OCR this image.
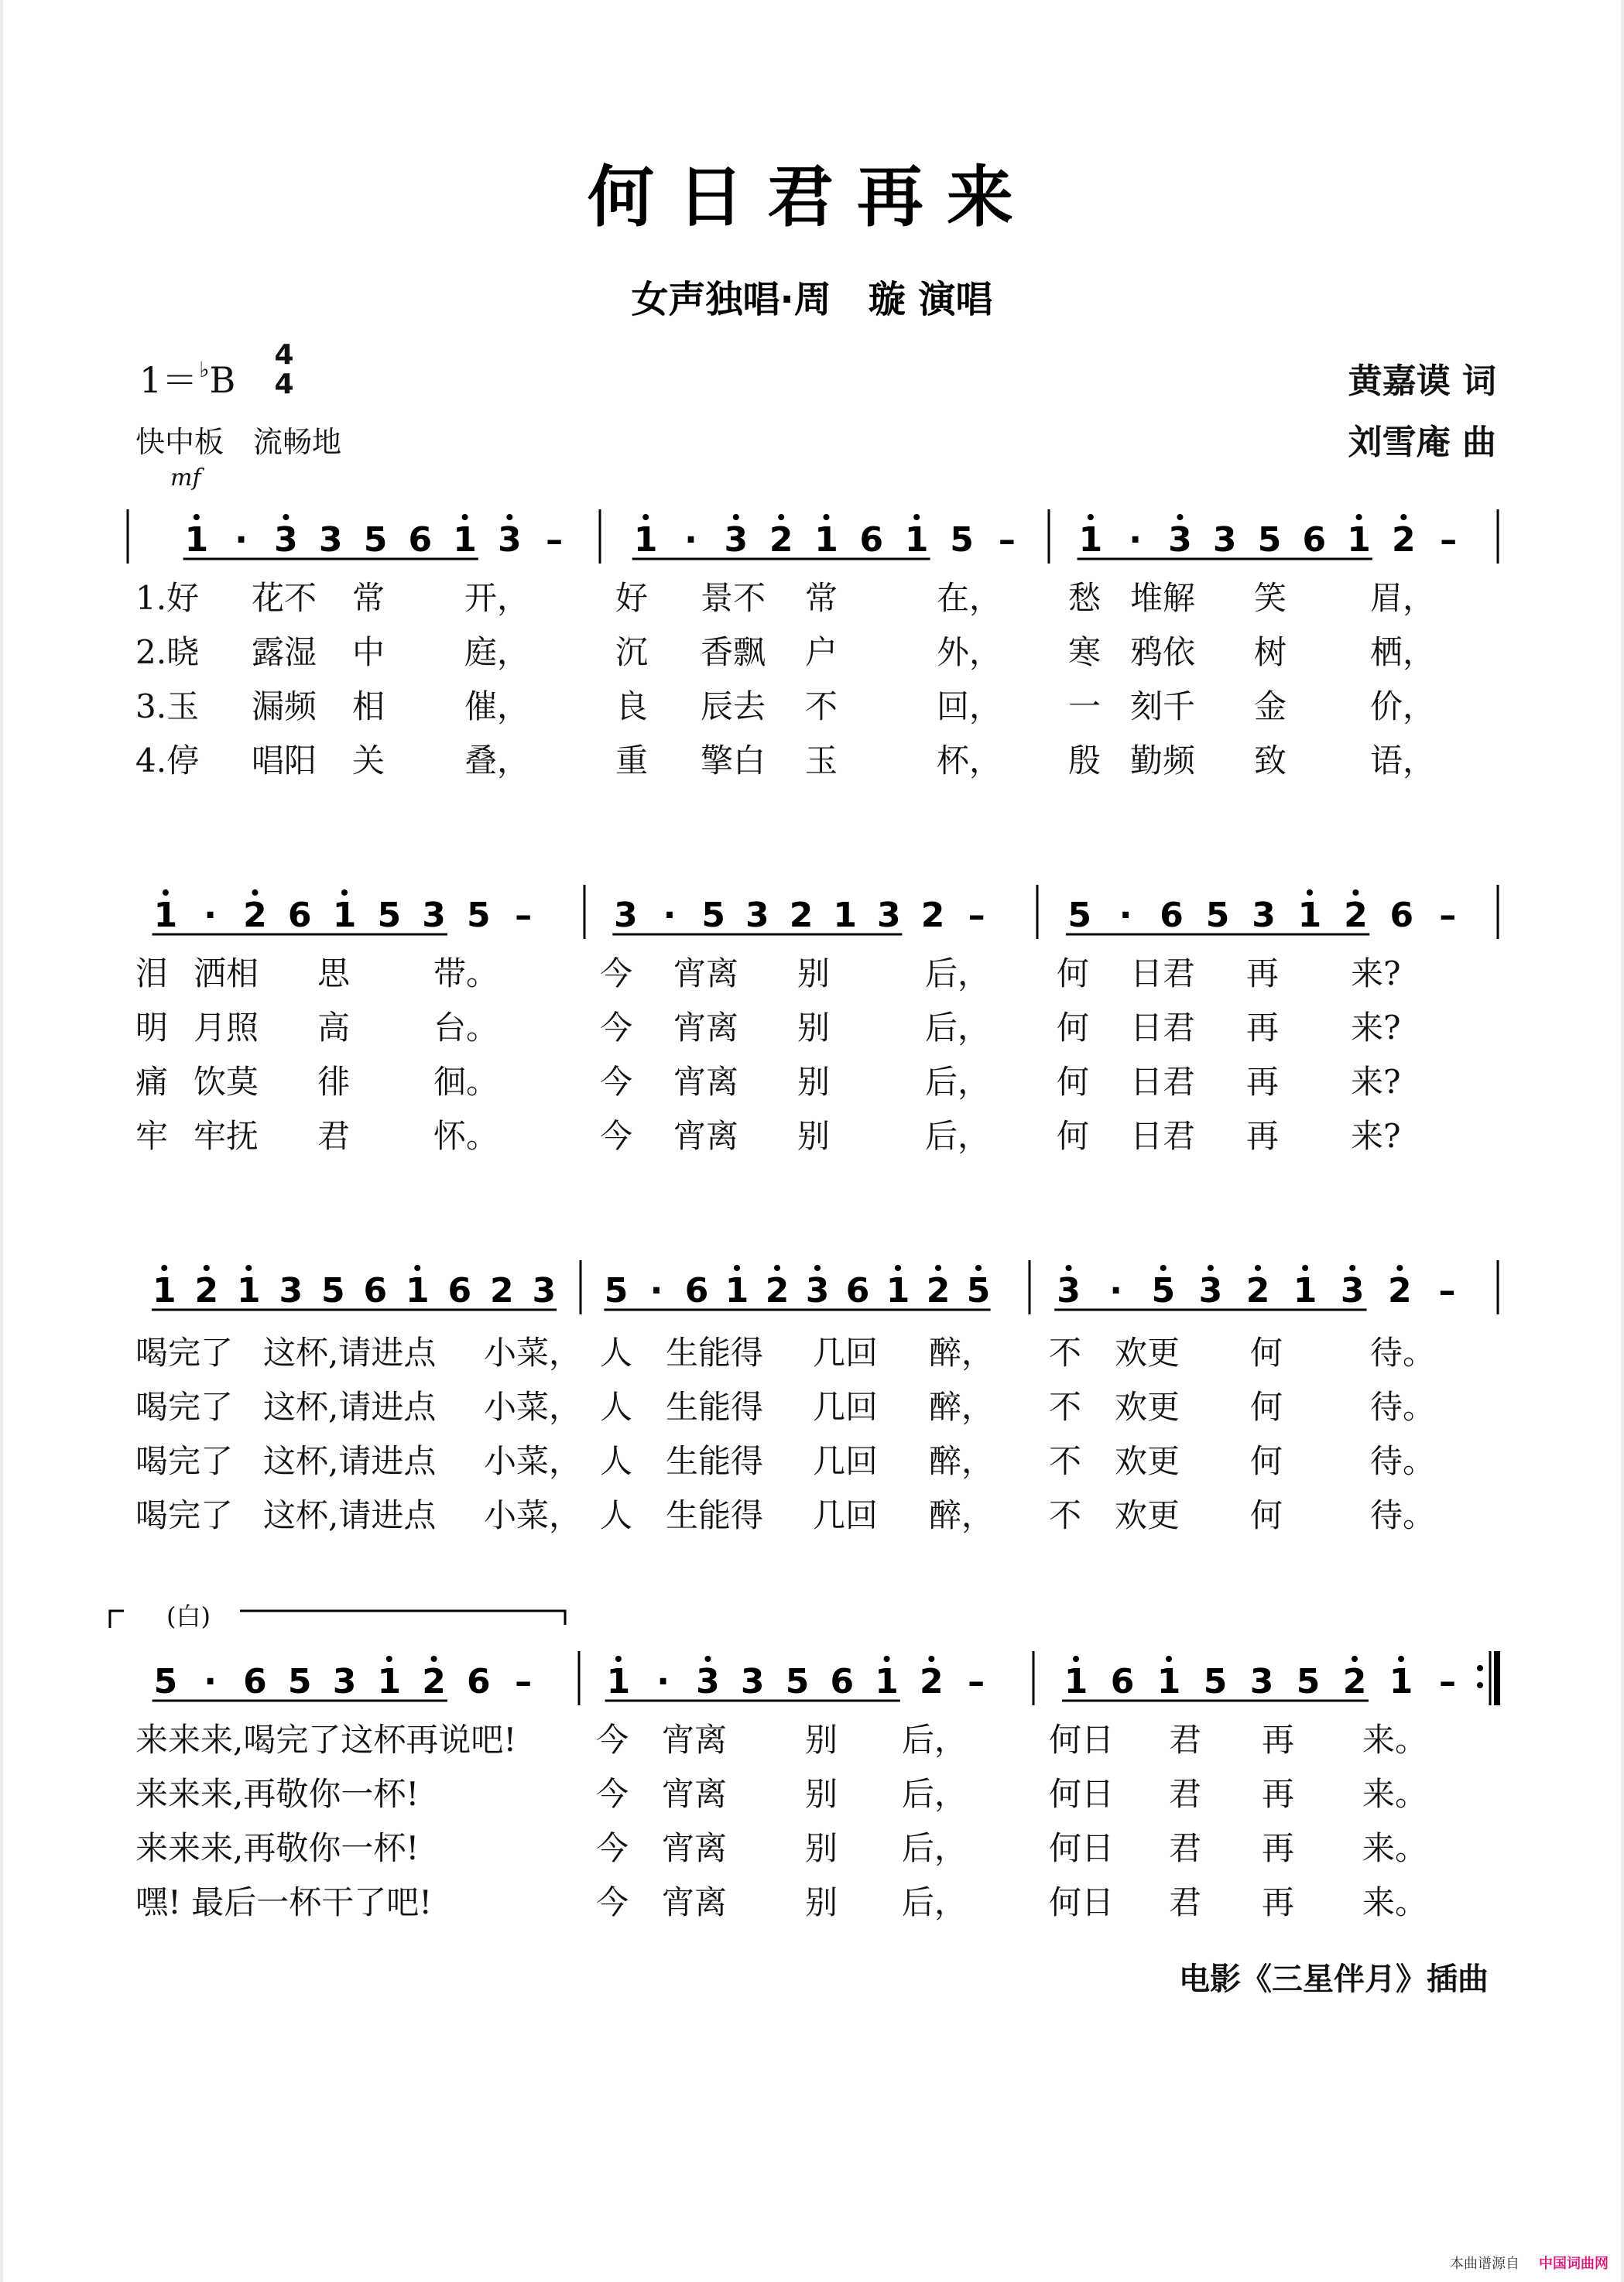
何日君再来
女声独唱·周　璇 演唱
1＝♭B
4
4
快中板　流畅地
黄嘉谟 词
刘雪庵 曲
mf
1 · 3 3 5 6 1 3 – 1 · 3 2 1 6 1 5 – 1 · 3 3 5 6 1 2 –
1 · 2 6 1 5 3 5 – 3 · 5 3 2 1 3 2 – 5 · 6 5 3 1 2 6 –
1 2 1 3 5 6 1 6 2 3 5 · 6 1 2 3 6 1 2 5 3 · 5 3 2 1 3 2 –
5 · 6 5 3 1 2 6 – 1 · 3 3 5 6 1 2 – 1 6 1 5 3 5 2 1 –
(白)
1.好 花不 常 开，	好 景不 常	在， 愁 堆解 笑	眉，
2.晓 露湿 中 庭，	沉 香飘 户	外， 寒 鸦依 树	栖，
3.玉 漏频 相 催，	良 辰去 不	回， 一 刻千 金	价，
4.停 唱阳 关 叠，	重 擎白 玉	杯， 殷 勤频 致	语，
泪 洒相 思	带。	今 宵离 别	后， 何 日君 再 来?
明 月照 高	台。	今 宵离 别	后， 何 日君 再 来?
痛 饮莫 徘	徊。	今 宵离 别	后， 何 日君 再 来?
牢 牢抚 君	怀。	今 宵离 别	后， 何 日君 再 来?
喝完了 这杯,请进点 小菜， 人 生能得 几回 醉， 不 欢更 何	待。
喝完了 这杯,请进点 小菜， 人 生能得 几回 醉， 不 欢更 何	待。
喝完了 这杯,请进点 小菜， 人 生能得 几回 醉， 不 欢更 何	待。
喝完了 这杯,请进点 小菜， 人 生能得 几回 醉， 不 欢更 何	待。
来来来,喝完了这杯再说吧! 今 宵离 别 后，	何日 君 再 来。
来来来,再敬你一杯!	今 宵离 别 后，	何日 君 再 来。
来来来,再敬你一杯!	今 宵离 别 后，	何日 君 再 来。
嘿! 最后一杯干了吧!	今 宵离 别 后，	何日 君 再 来。
电影《三星伴月》插曲
本曲谱源自 中国词曲网
